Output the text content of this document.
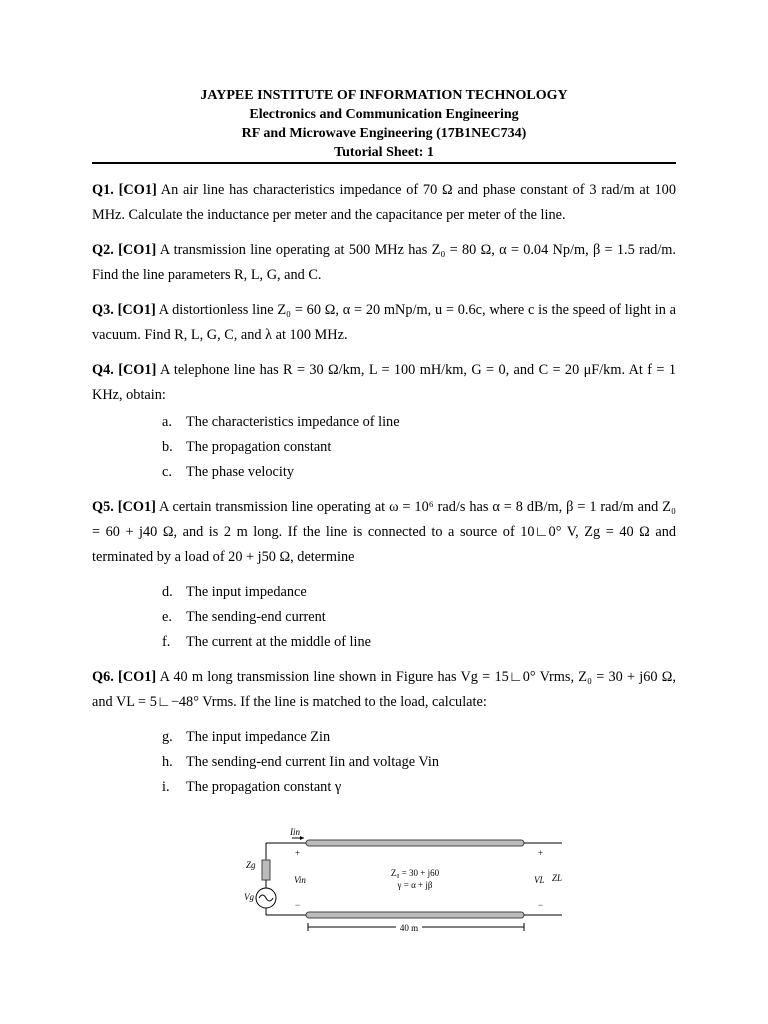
JAYPEE INSTITUTE OF INFORMATION TECHNOLOGY
Electronics and Communication Engineering
RF and Microwave Engineering (17B1NEC734)
Tutorial Sheet: 1

Q1. [CO1] An air line has characteristics impedance of 70 Ω and phase constant of 3 rad/m at 100 MHz. Calculate the inductance per meter and the capacitance per meter of the line.

Q2. [CO1] A transmission line operating at 500 MHz has Z₀ = 80 Ω, α = 0.04 Np/m, β = 1.5 rad/m. Find the line parameters R, L, G, and C.

Q3. [CO1] A distortionless line Z₀ = 60 Ω, α = 20 mNp/m, u = 0.6c, where c is the speed of light in a vacuum. Find R, L, G, C, and λ at 100 MHz.

Q4. [CO1] A telephone line has R = 30 Ω/km, L = 100 mH/km, G = 0, and C = 20 μF/km. At f = 1 KHz, obtain:

a. The characteristics impedance of line
b. The propagation constant
c. The phase velocity

Q5. [CO1] A certain transmission line operating at ω = 10⁶ rad/s has α = 8 dB/m, β = 1 rad/m and Z₀ = 60 + j40 Ω, and is 2 m long. If the line is connected to a source of 10∟0° V, Zg = 40 Ω and terminated by a load of 20 + j50 Ω, determine

d. The input impedance
e. The sending-end current
f. The current at the middle of line

Q6. [CO1] A 40 m long transmission line shown in Figure has Vg = 15∟0° Vrms, Z₀ = 30 + j60 Ω, and VL = 5∟−48° Vrms. If the line is matched to the load, calculate:

g. The input impedance Zin
h. The sending-end current Iin and voltage Vin
i. The propagation constant γ
Iin
Zg
Vg
+
Vin
−
Z₀ = 30 + j60
γ = α + jβ
+
VL
−
ZL
40 m
